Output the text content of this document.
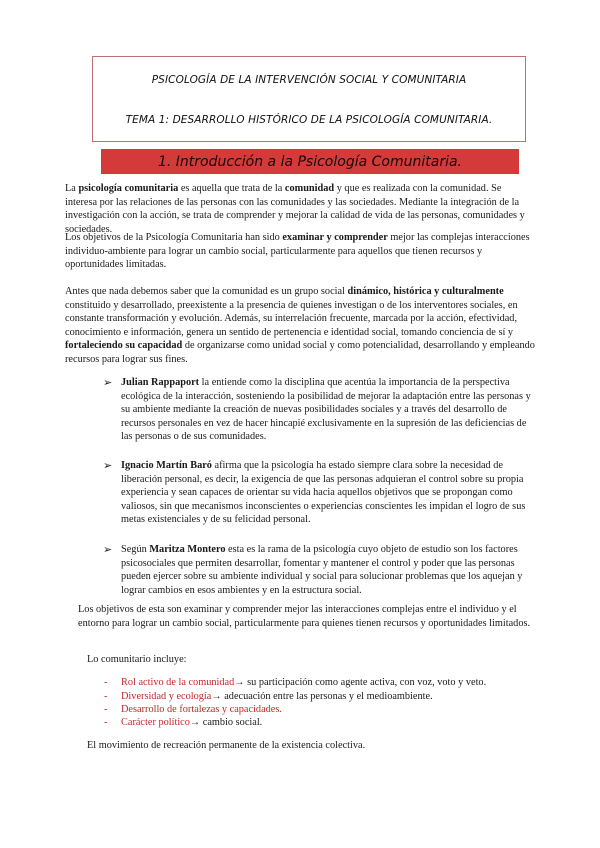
PSICOLOGÍA DE LA INTERVENCIÓN SOCIAL Y COMUNITARIA
TEMA 1: DESARROLLO HISTÓRICO DE LA PSICOLOGÍA COMUNITARIA.
1. Introducción a la Psicología Comunitaria.

La psicología comunitaria es aquella que trata de la comunidad y que es realizada con la comunidad. Se interesa por las relaciones de las personas con las comunidades y las sociedades. Mediante la integración de la investigación con la acción, se trata de comprender y mejorar la calidad de vida de las personas, comunidades y sociedades.

Los objetivos de la Psicología Comunitaria han sido examinar y comprender mejor las complejas interacciones individuo-ambiente para lograr un cambio social, particularmente para aquellos que tienen recursos y oportunidades limitadas.

Antes que nada debemos saber que la comunidad es un grupo social dinámico, histórica y culturalmente constituido y desarrollado, preexistente a la presencia de quienes investigan o de los interventores sociales, en constante transformación y evolución. Además, su interrelación frecuente, marcada por la acción, efectividad, conocimiento e información, genera un sentido de pertenencia e identidad social, tomando conciencia de sí y fortaleciendo su capacidad de organizarse como unidad social y como potencialidad, desarrollando y empleando recursos para lograr sus fines.

➢ Julian Rappaport la entiende como la disciplina que acentúa la importancia de la perspectiva ecológica de la interacción, sosteniendo la posibilidad de mejorar la adaptación entre las personas y su ambiente mediante la creación de nuevas posibilidades sociales y a través del desarrollo de recursos personales en vez de hacer hincapié exclusivamente en la supresión de las deficiencias de las personas o de sus comunidades.

➢ Ignacio Martín Baró afirma que la psicología ha estado siempre clara sobre la necesidad de liberación personal, es decir, la exigencia de que las personas adquieran el control sobre su propia experiencia y sean capaces de orientar su vida hacia aquellos objetivos que se propongan como valiosos, sin que mecanismos inconscientes o experiencias conscientes les impidan el logro de sus metas existenciales y de su felicidad personal.

➢ Según Maritza Montero esta es la rama de la psicología cuyo objeto de estudio son los factores psicosociales que permiten desarrollar, fomentar y mantener el control y poder que las personas pueden ejercer sobre su ambiente individual y social para solucionar problemas que los aquejan y lograr cambios en esos ambientes y en la estructura social.

Los objetivos de esta son examinar y comprender mejor las interacciones complejas entre el individuo y el entorno para lograr un cambio social, particularmente para quienes tienen recursos y oportunidades limitados.

Lo comunitario incluye:

- Rol activo de la comunidad→ su participación como agente activa, con voz, voto y veto.

- Diversidad y ecología→ adecuación entre las personas y el medioambiente.

- Desarrollo de fortalezas y capacidades.

- Carácter político→ cambio social.

El movimiento de recreación permanente de la existencia colectiva.
